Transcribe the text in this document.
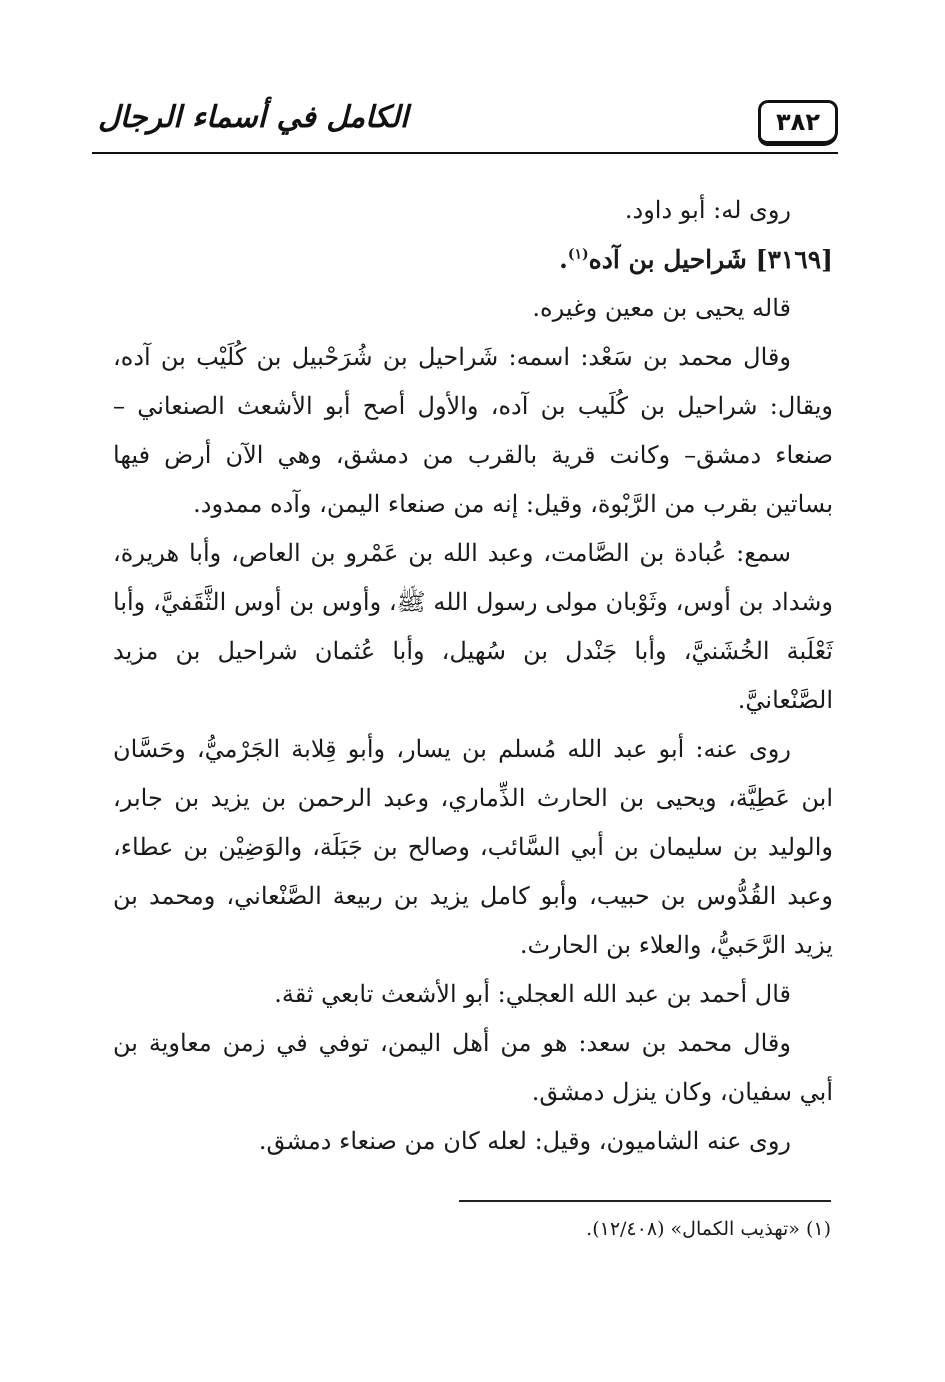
٣٨٢
الكامل في أسماء الرجال

روى له: أبو داود.

[٣١٦٩] شَراحيل بن آده$^{(١)}$.

قاله يحيى بن معين وغيره.

وقال محمد بن سَعْد: اسمه: شَراحيل بن شُرَحْبيل بن كُلَيْب بن آده، ويقال: شراحيل بن كُلَيب بن آده، والأول أصح أبو الأشعث الصنعاني – صنعاء دمشق– وكانت قرية بالقرب من دمشق، وهي الآن أرض فيها بساتين بقرب من الرَّبْوة، وقيل: إنه من صنعاء اليمن، وآده ممدود.

سمع: عُبادة بن الصَّامت، وعبد الله بن عَمْرو بن العاص، وأبا هريرة، وشداد بن أوس، وثَوْبان مولى رسول الله ﷺ، وأوس بن أوس الثَّقَفيَّ، وأبا ثَعْلَبة الخُشَنيَّ، وأبا جَنْدل بن سُهيل، وأبا عُثمان شراحيل بن مزيد الصَّنْعانيَّ.

روى عنه: أبو عبد الله مُسلم بن يسار، وأبو قِلابة الجَرْميُّ، وحَسَّان ابن عَطِيَّة، ويحيى بن الحارث الذِّماري، وعبد الرحمن بن يزيد بن جابر، والوليد بن سليمان بن أبي السَّائب، وصالح بن جَبَلَة، والوَضِيْن بن عطاء، وعبد القُدُّوس بن حبيب، وأبو كامل يزيد بن ربيعة الصَّنْعاني، ومحمد بن يزيد الرَّحَبيُّ، والعلاء بن الحارث.

قال أحمد بن عبد الله العجلي: أبو الأشعث تابعي ثقة.

وقال محمد بن سعد: هو من أهل اليمن، توفي في زمن معاوية بن أبي سفيان، وكان ينزل دمشق.

روى عنه الشاميون، وقيل: لعله كان من صنعاء دمشق.

(١) «تهذيب الكمال» (١٢/٤٠٨).
